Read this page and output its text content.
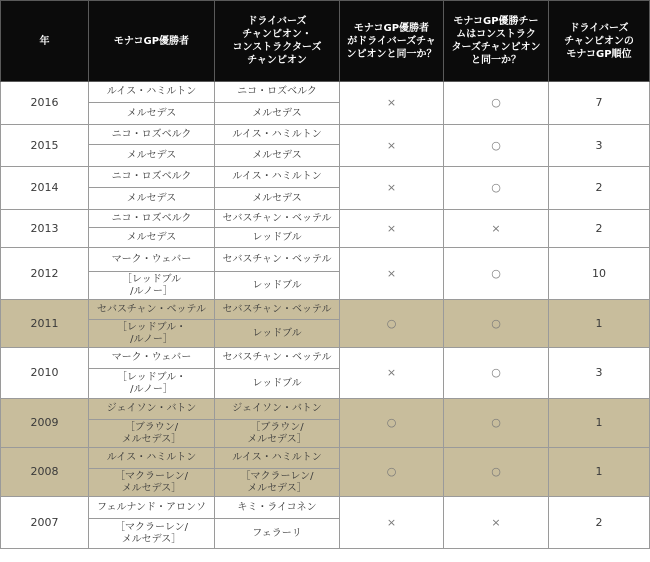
年	モナコGP優勝者	ドライバーズ
チャンピオン・
コンストラクターズ
チャンピオン	モナコGP優勝者
がドライバーズチャ
ンピオンと同一か？	モナコGP優勝チー
ムはコンストラク
ターズチャンピオン
と同一か？	ドライバーズ
チャンピオンの
モナコGP順位
2016	ルイス・ハミルトン	ニコ・ロズベルク	×	○	7
	メルセデス	メルセデス			
2015	ニコ・ロズベルク	ルイス・ハミルトン	×	○	3
	メルセデス	メルセデス			
2014	ニコ・ロズベルク	ルイス・ハミルトン	×	○	2
	メルセデス	メルセデス			
2013	ニコ・ロズベルク	セバスチャン・ベッテル	×	×	2
	メルセデス	レッドブル			
2012	マーク・ウェバー	セバスチャン・ベッテル	×	○	10
	［レッドブル
/ルノー］	レッドブル			
2011	セバスチャン・ベッテル	セバスチャン・ベッテル	○	○	1
	［レッドブル・
/ルノー］	レッドブル			
2010	マーク・ウェバー	セバスチャン・ベッテル	×	○	3
	［レッドブル・
/ルノー］	レッドブル			
2009	ジェイソン・バトン	ジェイソン・バトン	○	○	1
	［ブラウン/
メルセデス］	［ブラウン/
メルセデス］			
2008	ルイス・ハミルトン	ルイス・ハミルトン	○	○	1
	［マクラーレン/
メルセデス］	［マクラーレン/
メルセデス］			
2007	フェルナンド・アロンソ	キミ・ライコネン	×	×	2
	［マクラーレン/
メルセデス］	フェラーリ			
